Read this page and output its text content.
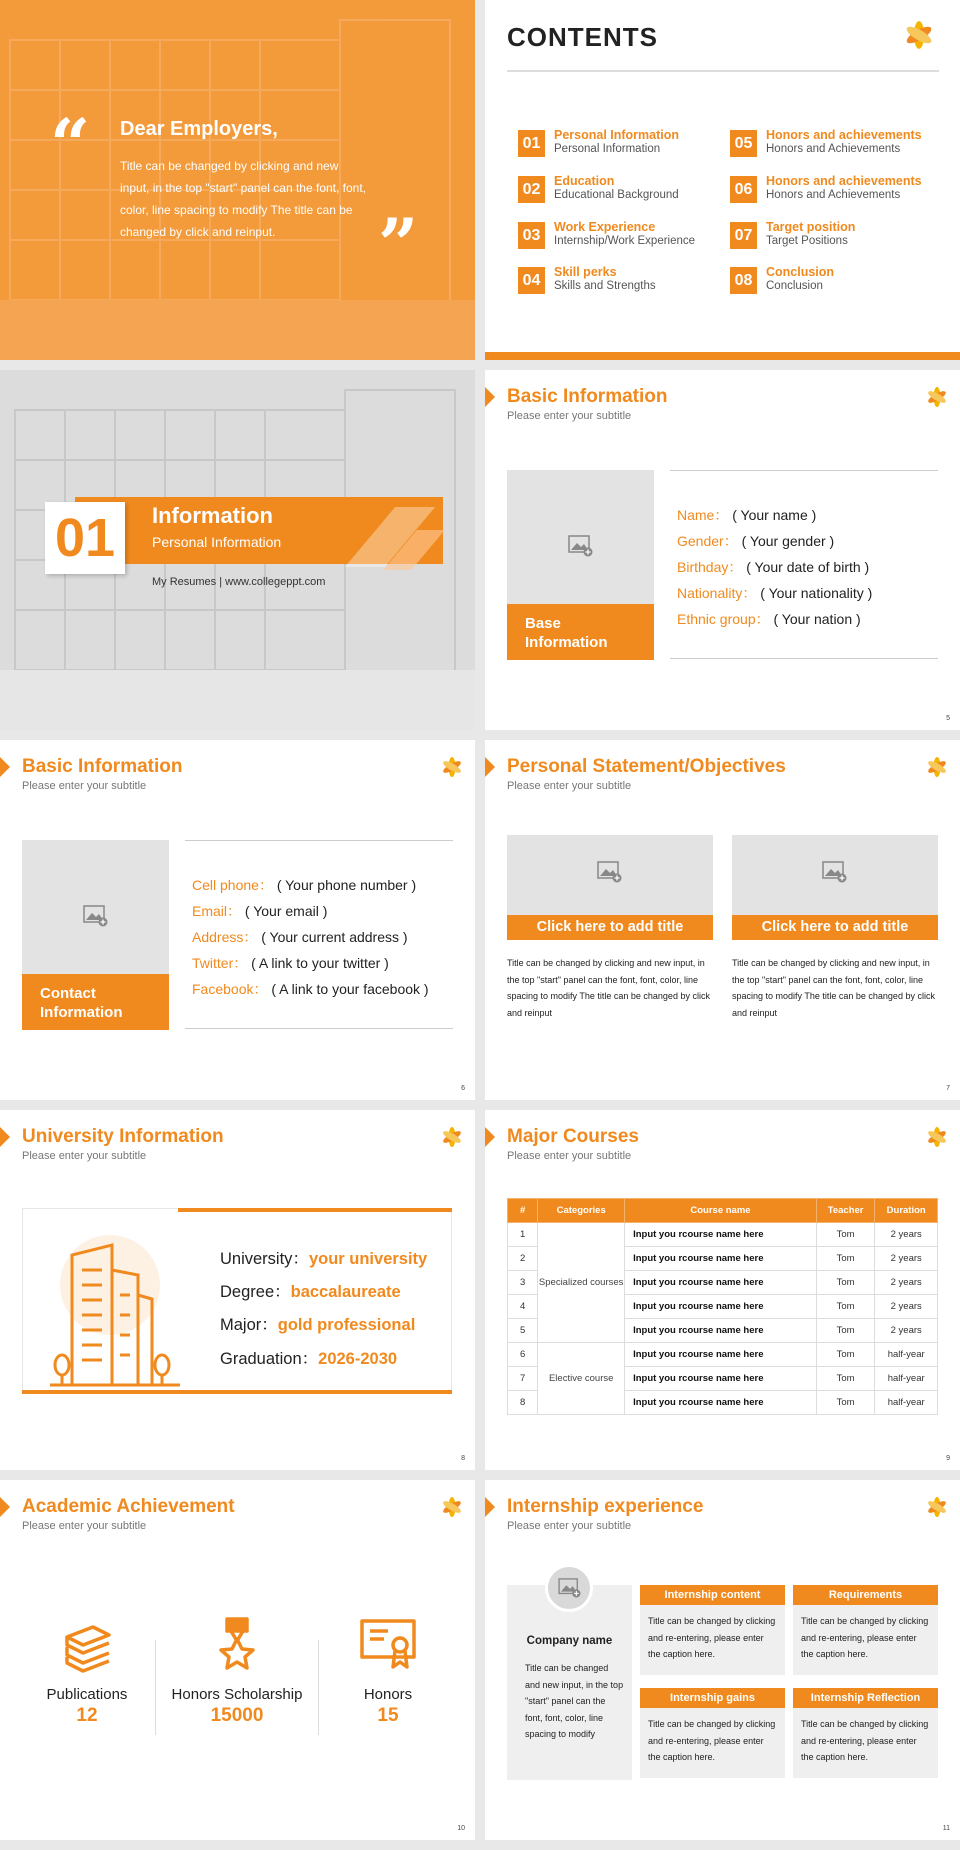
“ Dear Employers,
Title can be changed by clicking and new input, in the top "start" panel can the font, font, color, line spacing to modify The title can be changed by click and reinput.	”
CONTENTS
01	Personal Information
Personal Information
02	Education
Educational Background
03	Work Experience
Internship/Work Experience
04	Skill perks
Skills and Strengths
05	Honors and achievements
Honors and Achievements
06	Honors and achievements
Honors and Achievements
07	Target position
Target Positions
08	Conclusion
Conclusion
01	Information
Personal Information
My Resumes | www.collegeppt.com
Basic Information
Please enter your subtitle
Base
Information
Name： ( Your name )
Gender： ( Your gender )
Birthday： ( Your date of birth )
Nationality： ( Your nationality )
Ethnic group： ( Your nation )
5
Basic Information
Please enter your subtitle
Contact
Information
Cell phone： ( Your phone number )
Email： ( Your email )
Address： ( Your current address )
Twitter： ( A link to your twitter )
Facebook： ( A link to your facebook )
6
Personal Statement/Objectives
Please enter your subtitle
Click here to add title
Title can be changed by clicking and new input, in the top "start" panel can the font, font, color, line spacing to modify The title can be changed by click and reinput
Click here to add title
Title can be changed by clicking and new input, in the top "start" panel can the font, font, color, line spacing to modify The title can be changed by click and reinput
7
University Information
Please enter your subtitle
University：your university
Degree：baccalaureate
Major：gold professional
Graduation：2026-2030
8
Major Courses
Please enter your subtitle
#	Categories	Course name	Teacher	Duration
1	Specialized courses	Input you rcourse name here	Tom	2 years
2		Input you rcourse name here	Tom	2 years
3		Input you rcourse name here	Tom	2 years
4		Input you rcourse name here	Tom	2 years
5		Input you rcourse name here	Tom	2 years
6	Elective course	Input you rcourse name here	Tom	half-year
7		Input you rcourse name here	Tom	half-year
8		Input you rcourse name here	Tom	half-year
9
Academic Achievement
Please enter your subtitle
Publications
12
Honors Scholarship
15000
Honors
15
10
Internship experience
Please enter your subtitle
Company name
Title can be changed and new input, in the top "start" panel can the font, font, color, line spacing to modify
Internship content
Title can be changed by clicking and re-entering, please enter the caption here.
Requirements
Title can be changed by clicking and re-entering, please enter the caption here.
Internship gains
Title can be changed by clicking and re-entering, please enter the caption here.
Internship Reflection
Title can be changed by clicking and re-entering, please enter the caption here.
11
